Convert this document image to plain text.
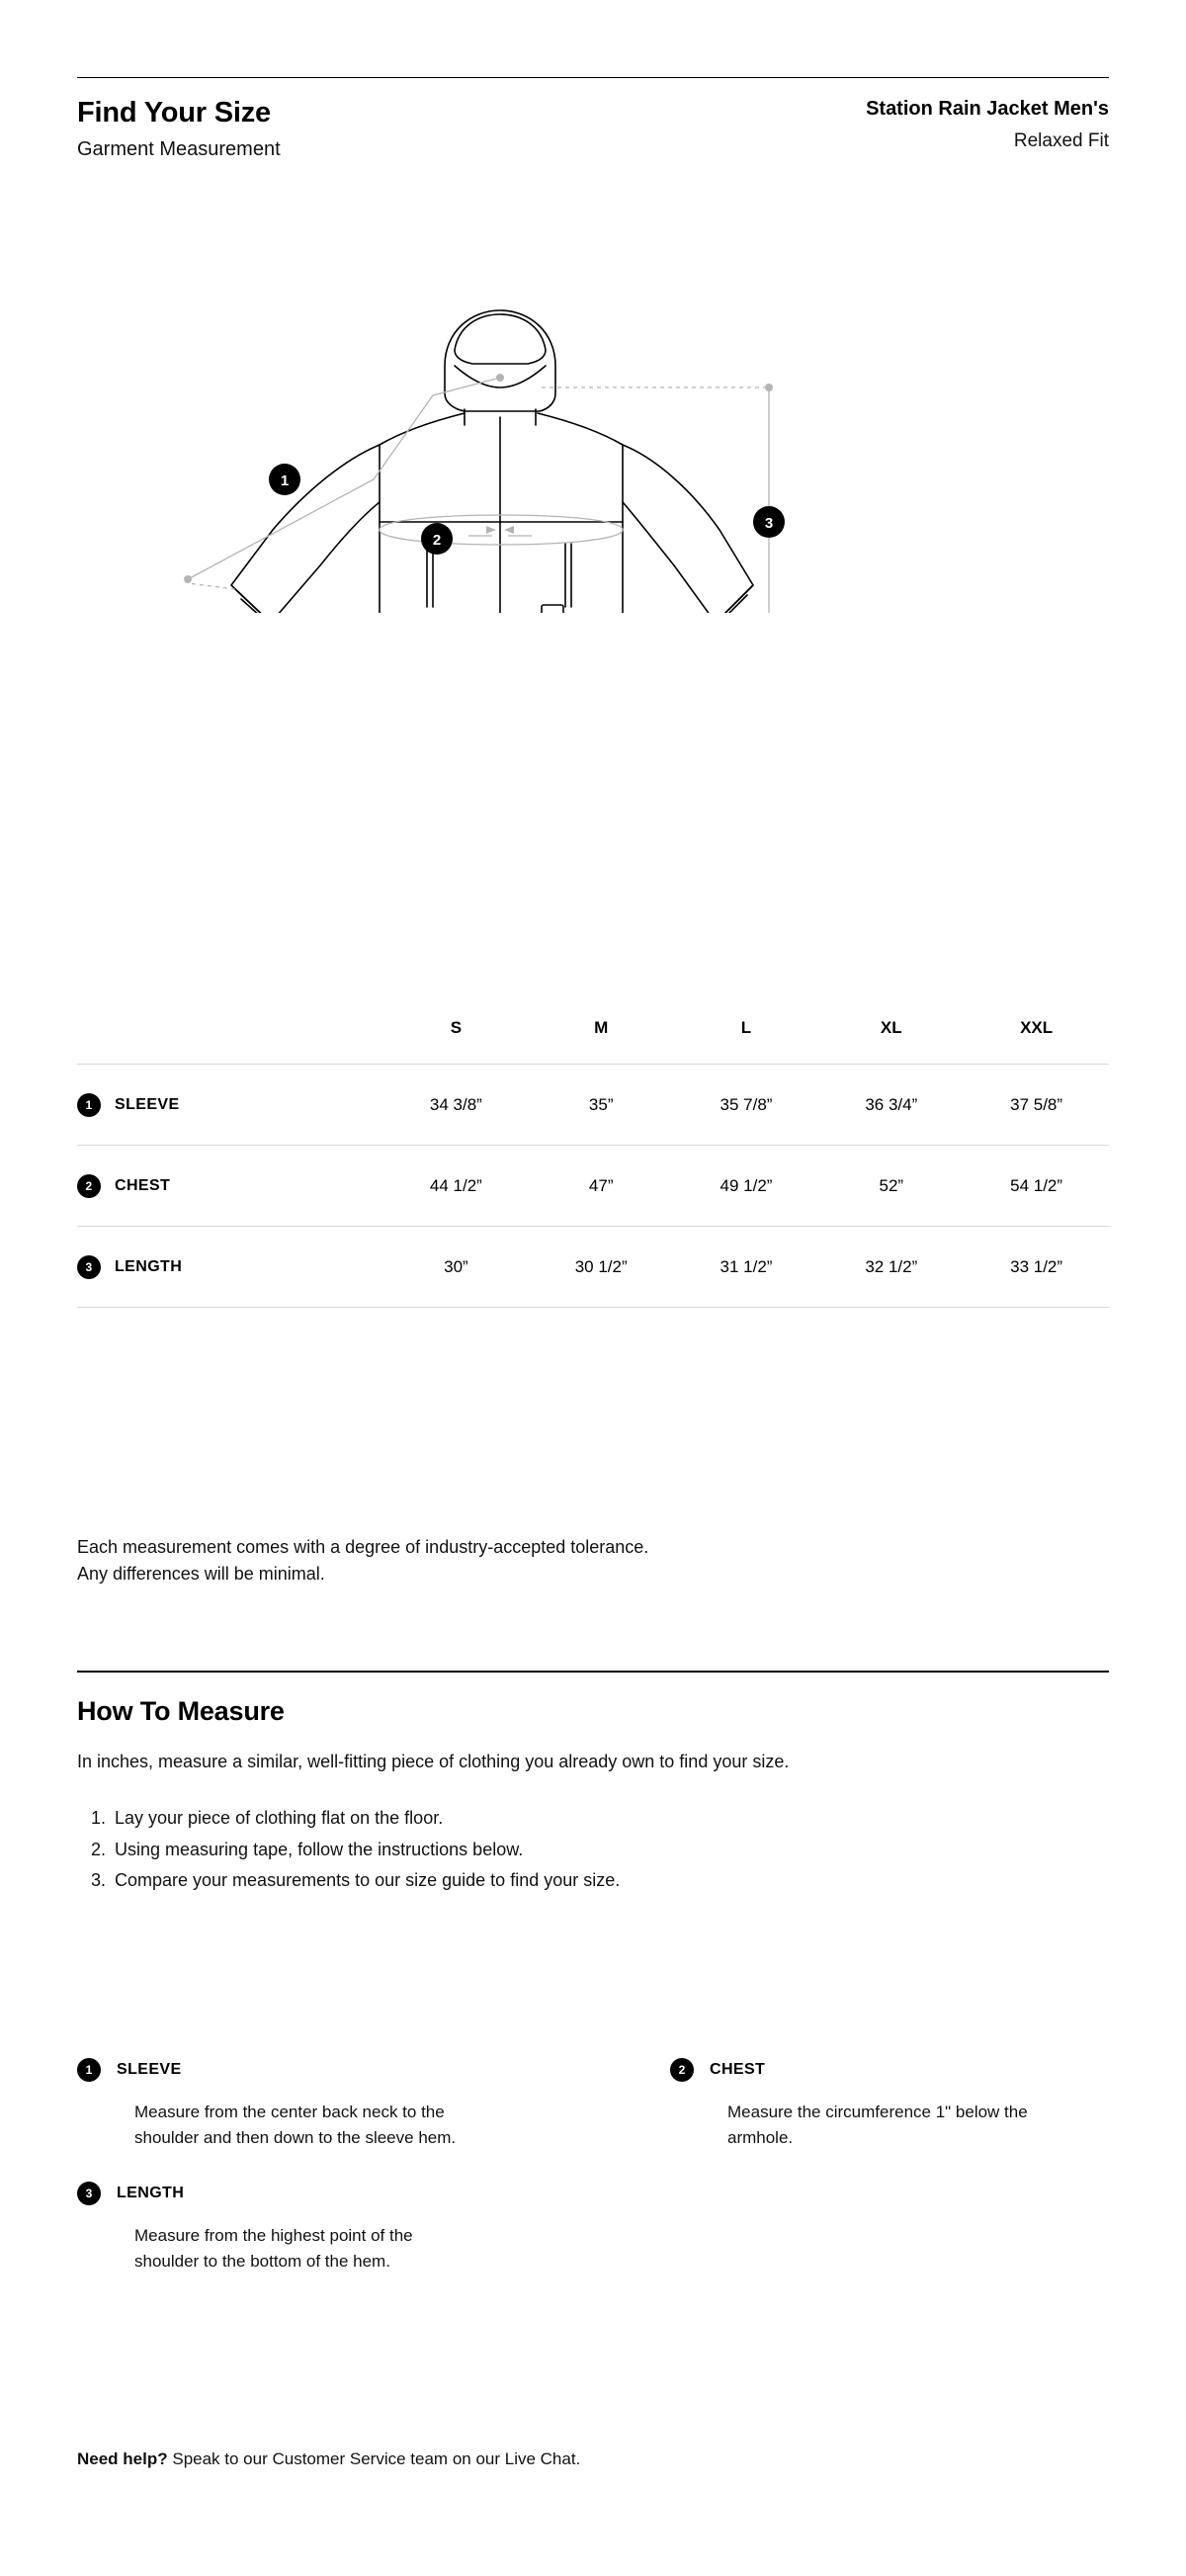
Find Your Size

Garment Measurement

Station Rain Jacket Men's

Relaxed Fit

1
2
3
	S	M	L	XL	XXL
1 SLEEVE	34 3/8”	35”	35 7/8”	36 3/4”	37 5/8”
2 CHEST	44 1/2”	47”	49 1/2”	52”	54 1/2”
3 LENGTH	30”	30 1/2”	31 1/2”	32 1/2”	33 1/2”
Each measurement comes with a degree of industry-accepted tolerance.
Any differences will be minimal.
How To Measure

In inches, measure a similar, well-fitting piece of clothing you already own to find your size.

1. Lay your piece of clothing flat on the floor.
2. Using measuring tape, follow the instructions below.
3. Compare your measurements to our size guide to find your size.
1	SLEEVE
Measure from the center back neck to the shoulder and then down to the sleeve hem.
3	LENGTH
Measure from the highest point of the shoulder to the bottom of the hem.
2	CHEST
Measure the circumference 1" below the armhole.
Need help? Speak to our Customer Service team on our Live Chat.
